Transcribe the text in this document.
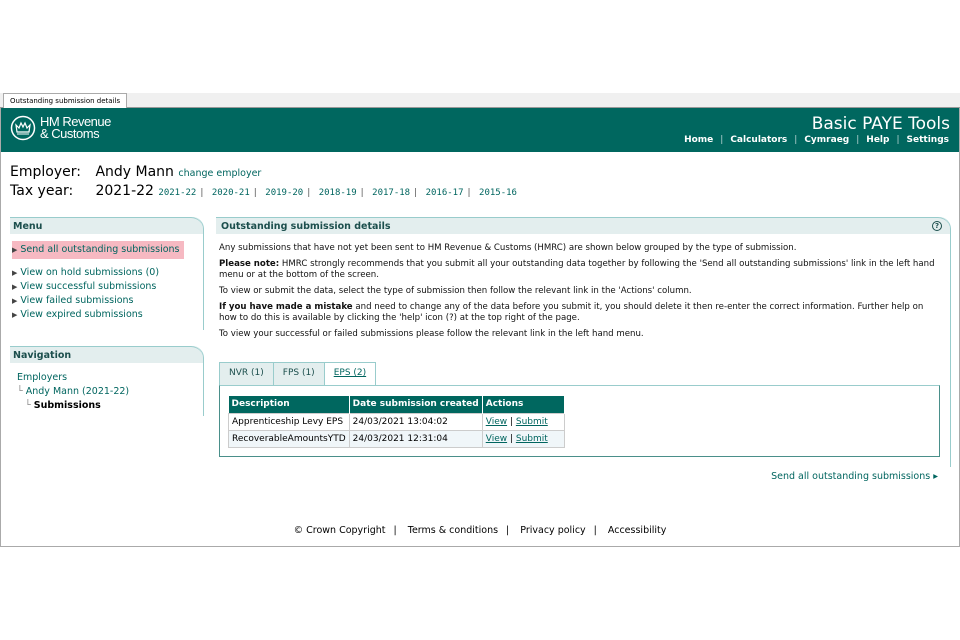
Outstanding submission details
HM Revenue
& Customs	Basic PAYE Tools
Home | Calculators | Cymraeg | Help | Settings
Employer: Andy Mann change employer
Tax year: 2021-22 2021-22 | 2020-21 | 2019-20 | 2018-19 | 2017-18 | 2016-17 | 2015-16
Menu
▶ Send all outstanding submissions
▶ View on hold submissions (0)
▶ View successful submissions
▶ View failed submissions
▶ View expired submissions
Navigation
Employers
└ Andy Mann (2021-22)
└ Submissions
Outstanding submission details	?

Any submissions that have not yet been sent to HM Revenue & Customs (HMRC) are shown below grouped by the type of submission.

Please note: HMRC strongly recommends that you submit all your outstanding data together by following the 'Send all outstanding submissions' link in the left hand menu or at the bottom of the screen.

To view or submit the data, select the type of submission then follow the relevant link in the 'Actions' column.

If you have made a mistake and need to change any of the data before you submit it, you should delete it then re-enter the correct information. Further help on how to do this is available by clicking the 'help' icon (?) at the top right of the page.

To view your successful or failed submissions please follow the relevant link in the left hand menu.

NVR (1)	FPS (1)	EPS (2)
Description	Date submission created	Actions
Apprenticeship Levy EPS	24/03/2021 13:04:02	View | Submit
RecoverableAmountsYTD	24/03/2021 12:31:04	View | Submit
Send all outstanding submissions ▸
© Crown Copyright | Terms & conditions | Privacy policy | Accessibility
